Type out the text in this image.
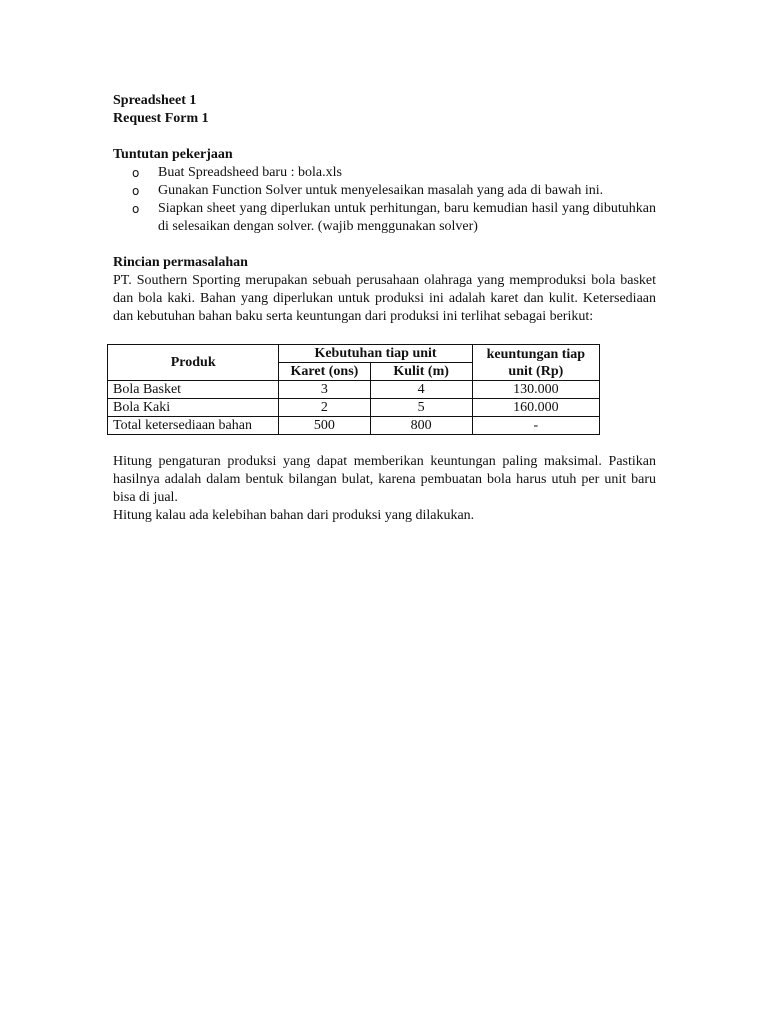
Spreadsheet 1
Request Form 1
Tuntutan pekerjaan
o Buat Spreadsheed baru : bola.xls
o Gunakan Function Solver untuk menyelesaikan masalah yang ada di bawah ini.
o Siapkan sheet yang diperlukan untuk perhitungan, baru kemudian hasil yang dibutuhkan di selesaikan dengan solver. (wajib menggunakan solver)
Rincian permasalahan

PT. Southern Sporting merupakan sebuah perusahaan olahraga yang memproduksi bola basket dan bola kaki. Bahan yang diperlukan untuk produksi ini adalah karet dan kulit. Ketersediaan dan kebutuhan bahan baku serta keuntungan dari produksi ini terlihat sebagai berikut:

Produk	Kebutuhan tiap unit		keuntungan tiap unit (Rp)
	Karet (ons)	Kulit (m)	
Bola Basket	3	4	130.000
Bola Kaki	2	5	160.000
Total ketersediaan bahan	500	800	-

Hitung pengaturan produksi yang dapat memberikan keuntungan paling maksimal. Pastikan hasilnya adalah dalam bentuk bilangan bulat, karena pembuatan bola harus utuh per unit baru bisa di jual.

Hitung kalau ada kelebihan bahan dari produksi yang dilakukan.
